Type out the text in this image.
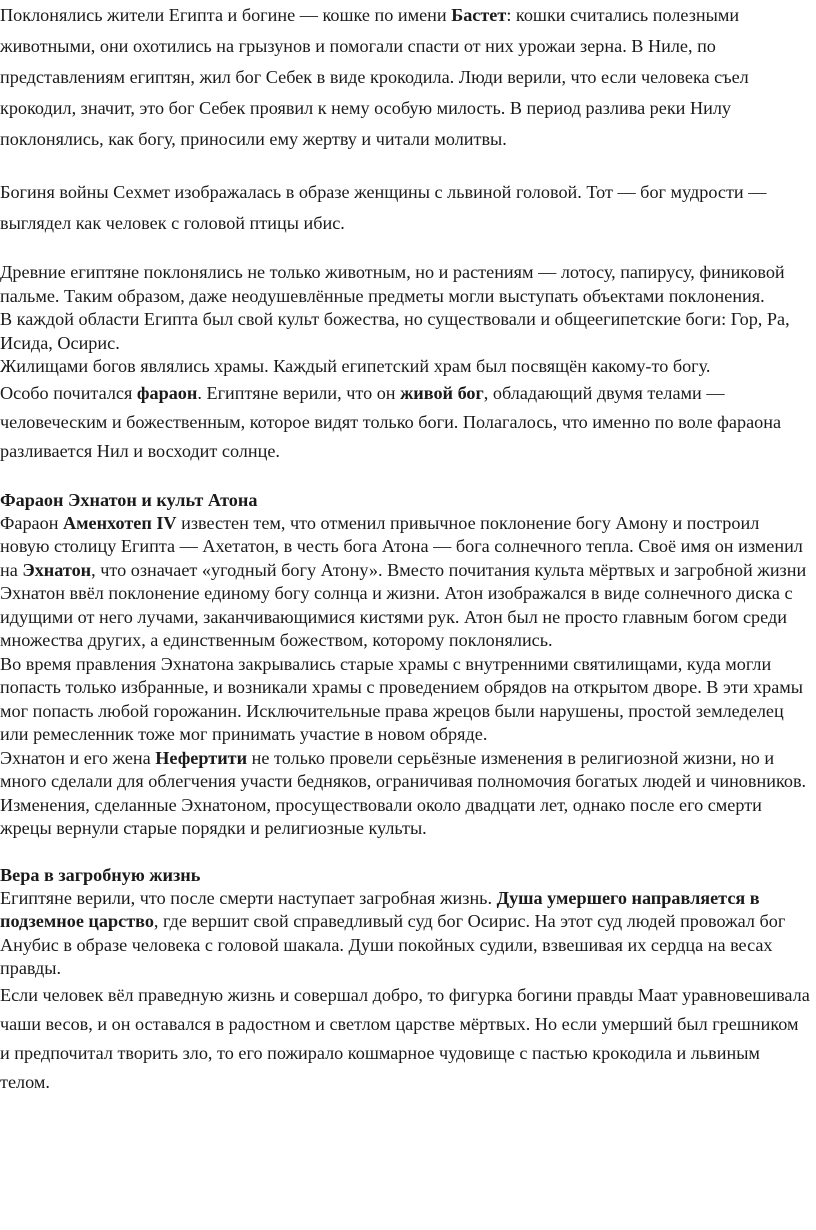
Поклонялись жители Египта и богине — кошке по имени Бастет: кошки считались полезными животными, они охотились на грызунов и помогали спасти от них урожаи зерна. В Ниле, по представлениям египтян, жил бог Себек в виде крокодила. Люди верили, что если человека съел крокодил, значит, это бог Себек проявил к нему особую милость. В период разлива реки Нилу поклонялись, как богу, приносили ему жертву и читали молитвы.

Богиня войны Сехмет изображалась в образе женщины с львиной головой. Тот — бог мудрости — выглядел как человек с головой птицы ибис.

Древние египтяне поклонялись не только животным, но и растениям — лотосу, папирусу, финиковой пальме. Таким образом, даже неодушевлённые предметы могли выступать объектами поклонения.

В каждой области Египта был свой культ божества, но существовали и общеегипетские боги: Гор, Ра, Исида, Осирис.

Жилищами богов являлись храмы. Каждый египетский храм был посвящён какому-то богу.

Особо почитался фараон. Египтяне верили, что он живой бог, обладающий двумя телами — человеческим и божественным, которое видят только боги. Полагалось, что именно по воле фараона разливается Нил и восходит солнце.

Фараон Эхнатон и культ Атона

Фараон Аменхотеп IV известен тем, что отменил привычное поклонение богу Амону и построил новую столицу Египта — Ахетатон, в честь бога Атона — бога солнечного тепла. Своё имя он изменил на Эхнатон, что означает «угодный богу Атону». Вместо почитания культа мёртвых и загробной жизни Эхнатон ввёл поклонение единому богу солнца и жизни. Атон изображался в виде солнечного диска с идущими от него лучами, заканчивающимися кистями рук. Атон был не просто главным богом среди множества других, а единственным божеством, которому поклонялись.

Во время правления Эхнатона закрывались старые храмы с внутренними святилищами, куда могли попасть только избранные, и возникали храмы с проведением обрядов на открытом дворе. В эти храмы мог попасть любой горожанин. Исключительные права жрецов были нарушены, простой земледелец или ремесленник тоже мог принимать участие в новом обряде.

Эхнатон и его жена Нефертити не только провели серьёзные изменения в религиозной жизни, но и много сделали для облегчения участи бедняков, ограничивая полномочия богатых людей и чиновников.

Изменения, сделанные Эхнатоном, просуществовали около двадцати лет, однако после его смерти жрецы вернули старые порядки и религиозные культы.

Вера в загробную жизнь

Египтяне верили, что после смерти наступает загробная жизнь. Душа умершего направляется в подземное царство, где вершит свой справедливый суд бог Осирис. На этот суд людей провожал бог Анубис в образе человека с головой шакала. Души покойных судили, взвешивая их сердца на весах правды.

Если человек вёл праведную жизнь и совершал добро, то фигурка богини правды Маат уравновешивала чаши весов, и он оставался в радостном и светлом царстве мёртвых. Но если умерший был грешником и предпочитал творить зло, то его пожирало кошмарное чудовище с пастью крокодила и львиным телом.
